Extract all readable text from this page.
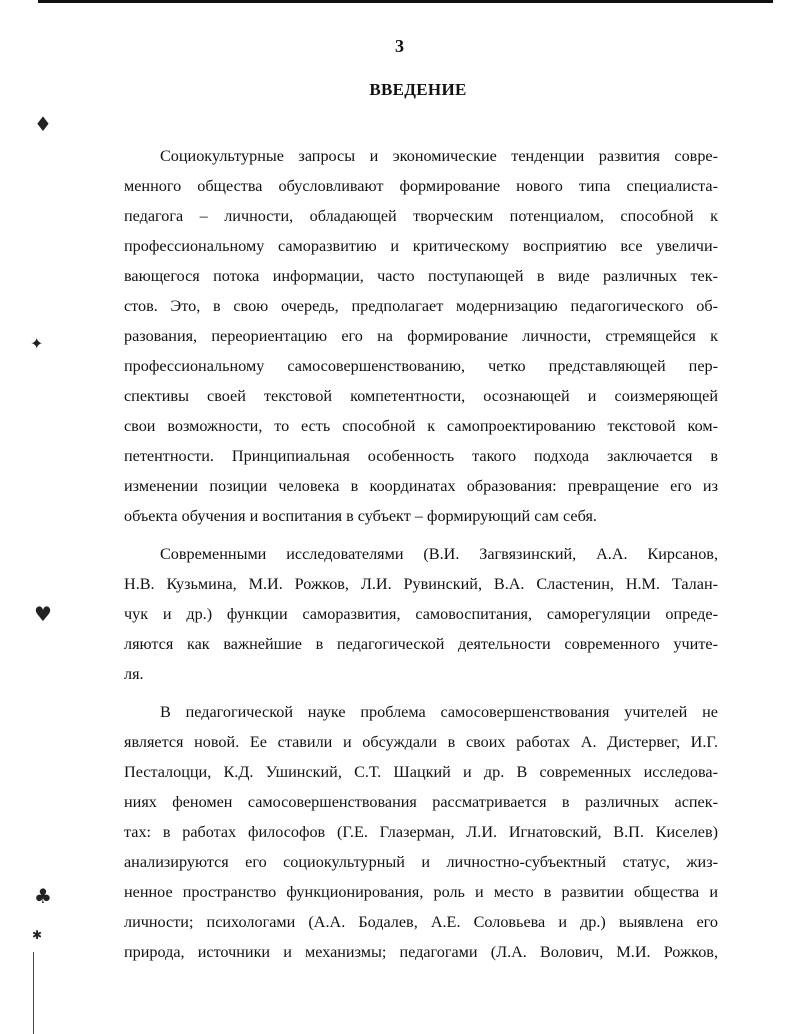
3
ВВЕДЕНИЕ
♦
✦
♥
♣
✱
Социокультурные запросы и экономические тенденции развития совре-
менного общества обусловливают формирование нового типа специалиста-
педагога – личности, обладающей творческим потенциалом, способной к
профессиональному саморазвитию и критическому восприятию все увеличи-
вающегося потока информации, часто поступающей в виде различных тек-
стов. Это, в свою очередь, предполагает модернизацию педагогического об-
разования, переориентацию его на формирование личности, стремящейся к
профессиональному самосовершенствованию, четко представляющей пер-
спективы своей текстовой компетентности, осознающей и соизмеряющей
свои возможности, то есть способной к самопроектированию текстовой ком-
петентности. Принципиальная особенность такого подхода заключается в
изменении позиции человека в координатах образования: превращение его из
объекта обучения и воспитания в субъект – формирующий сам себя.
Современными исследователями (В.И. Загвязинский, А.А. Кирсанов,
Н.В. Кузьмина, М.И. Рожков, Л.И. Рувинский, В.А. Сластенин, Н.М. Талан-
чук и др.) функции саморазвития, самовоспитания, саморегуляции опреде-
ляются как важнейшие в педагогической деятельности современного учите-
ля.
В педагогической науке проблема самосовершенствования учителей не
является новой. Ее ставили и обсуждали в своих работах А. Дистервег, И.Г.
Песталоцци, К.Д. Ушинский, С.Т. Шацкий и др. В современных исследова-
ниях феномен самосовершенствования рассматривается в различных аспек-
тах: в работах философов (Г.Е. Глазерман, Л.И. Игнатовский, В.П. Киселев)
анализируются его социокультурный и личностно-субъектный статус, жиз-
ненное пространство функционирования, роль и место в развитии общества и
личности; психологами (А.А. Бодалев, А.Е. Соловьева и др.) выявлена его
природа, источники и механизмы; педагогами (Л.А. Волович, М.И. Рожков,
